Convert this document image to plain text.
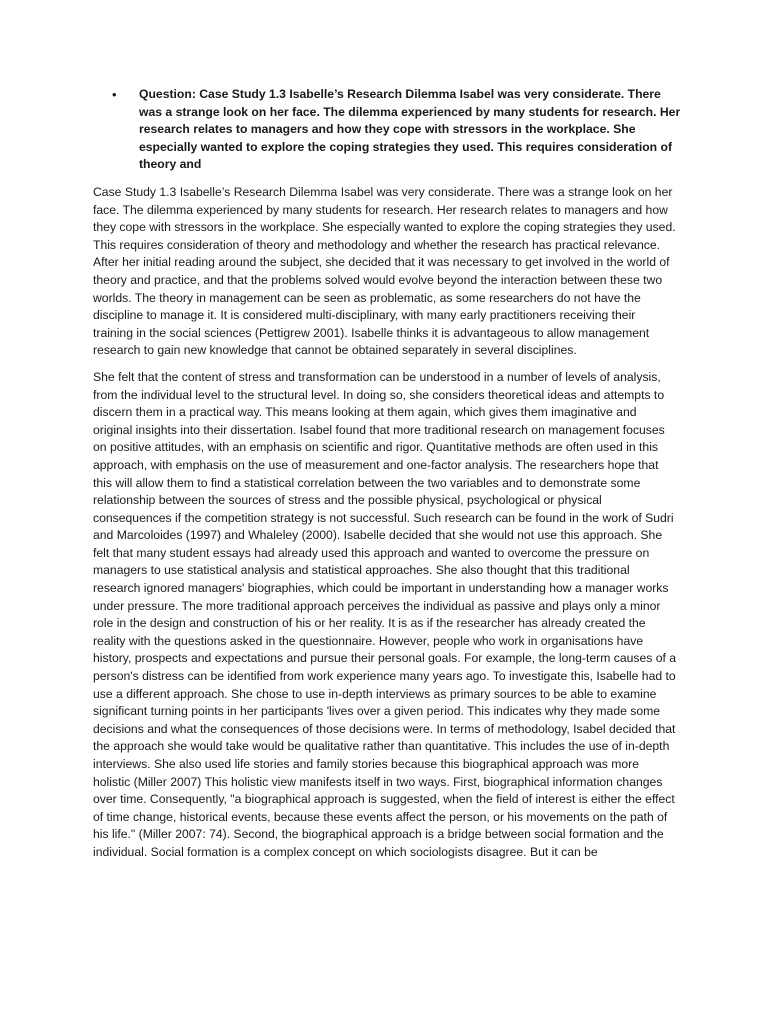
•	Question: Case Study 1.3 Isabelle’s Research Dilemma Isabel was very considerate. There was a strange look on her face. The dilemma experienced by many students for research. Her research relates to managers and how they cope with stressors in the workplace. She especially wanted to explore the coping strategies they used. This requires consideration of theory and

Case Study 1.3 Isabelle’s Research Dilemma Isabel was very considerate. There was a strange look on her face. The dilemma experienced by many students for research. Her research relates to managers and how they cope with stressors in the workplace. She especially wanted to explore the coping strategies they used. This requires consideration of theory and methodology and whether the research has practical relevance. After her initial reading around the subject, she decided that it was necessary to get involved in the world of theory and practice, and that the problems solved would evolve beyond the interaction between these two worlds. The theory in management can be seen as problematic, as some researchers do not have the discipline to manage it. It is considered multi-disciplinary, with many early practitioners receiving their training in the social sciences (Pettigrew 2001). Isabelle thinks it is advantageous to allow management research to gain new knowledge that cannot be obtained separately in several disciplines.

She felt that the content of stress and transformation can be understood in a number of levels of analysis, from the individual level to the structural level. In doing so, she considers theoretical ideas and attempts to discern them in a practical way. This means looking at them again, which gives them imaginative and original insights into their dissertation. Isabel found that more traditional research on management focuses on positive attitudes, with an emphasis on scientific and rigor. Quantitative methods are often used in this approach, with emphasis on the use of measurement and one-factor analysis. The researchers hope that this will allow them to find a statistical correlation between the two variables and to demonstrate some relationship between the sources of stress and the possible physical, psychological or physical consequences if the competition strategy is not successful. Such research can be found in the work of Sudri and Marcoloides (1997) and Whaleley (2000). Isabelle decided that she would not use this approach. She felt that many student essays had already used this approach and wanted to overcome the pressure on managers to use statistical analysis and statistical approaches. She also thought that this traditional research ignored managers' biographies, which could be important in understanding how a manager works under pressure. The more traditional approach perceives the individual as passive and plays only a minor role in the design and construction of his or her reality. It is as if the researcher has already created the reality with the questions asked in the questionnaire. However, people who work in organisations have history, prospects and expectations and pursue their personal goals. For example, the long-term causes of a person's distress can be identified from work experience many years ago. To investigate this, Isabelle had to use a different approach. She chose to use in-depth interviews as primary sources to be able to examine significant turning points in her participants 'lives over a given period. This indicates why they made some decisions and what the consequences of those decisions were. In terms of methodology, Isabel decided that the approach she would take would be qualitative rather than quantitative. This includes the use of in-depth interviews. She also used life stories and family stories because this biographical approach was more holistic (Miller 2007) This holistic view manifests itself in two ways. First, biographical information changes over time. Consequently, "a biographical approach is suggested, when the field of interest is either the effect of time change, historical events, because these events affect the person, or his movements on the path of his life." (Miller 2007: 74). Second, the biographical approach is a bridge between social formation and the individual. Social formation is a complex concept on which sociologists disagree. But it can be
